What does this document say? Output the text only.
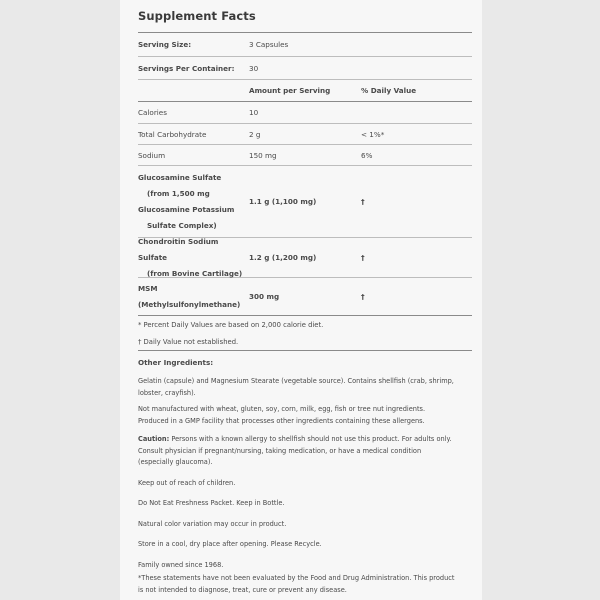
Supplement Facts
Serving Size:	3 Capsules
Servings Per Container:	30
Amount per Serving	% Daily Value
Calories	10
Total Carbohydrate	2 g	< 1%*
Sodium	150 mg	6%
Glucosamine Sulfate
(from 1,500 mg
Glucosamine Potassium
Sulfate Complex)
1.1 g (1,100 mg)	†
Chondroitin Sodium Sulfate
(from Bovine Cartilage)
1.2 g (1,200 mg)	†
MSM
(Methylsulfonylmethane)
300 mg	†
* Percent Daily Values are based on 2,000 calorie diet.
† Daily Value not established.
Other Ingredients:

Gelatin (capsule) and Magnesium Stearate (vegetable source). Contains shellfish (crab, shrimp, lobster, crayfish).

Not manufactured with wheat, gluten, soy, corn, milk, egg, fish or tree nut ingredients. Produced in a GMP facility that processes other ingredients containing these allergens.

Caution: Persons with a known allergy to shellfish should not use this product. For adults only. Consult physician if pregnant/nursing, taking medication, or have a medical condition (especially glaucoma).

Keep out of reach of children.

Do Not Eat Freshness Packet. Keep in Bottle.

Natural color variation may occur in product.

Store in a cool, dry place after opening. Please Recycle.

Family owned since 1968.

*These statements have not been evaluated by the Food and Drug Administration. This product is not intended to diagnose, treat, cure or prevent any disease.
